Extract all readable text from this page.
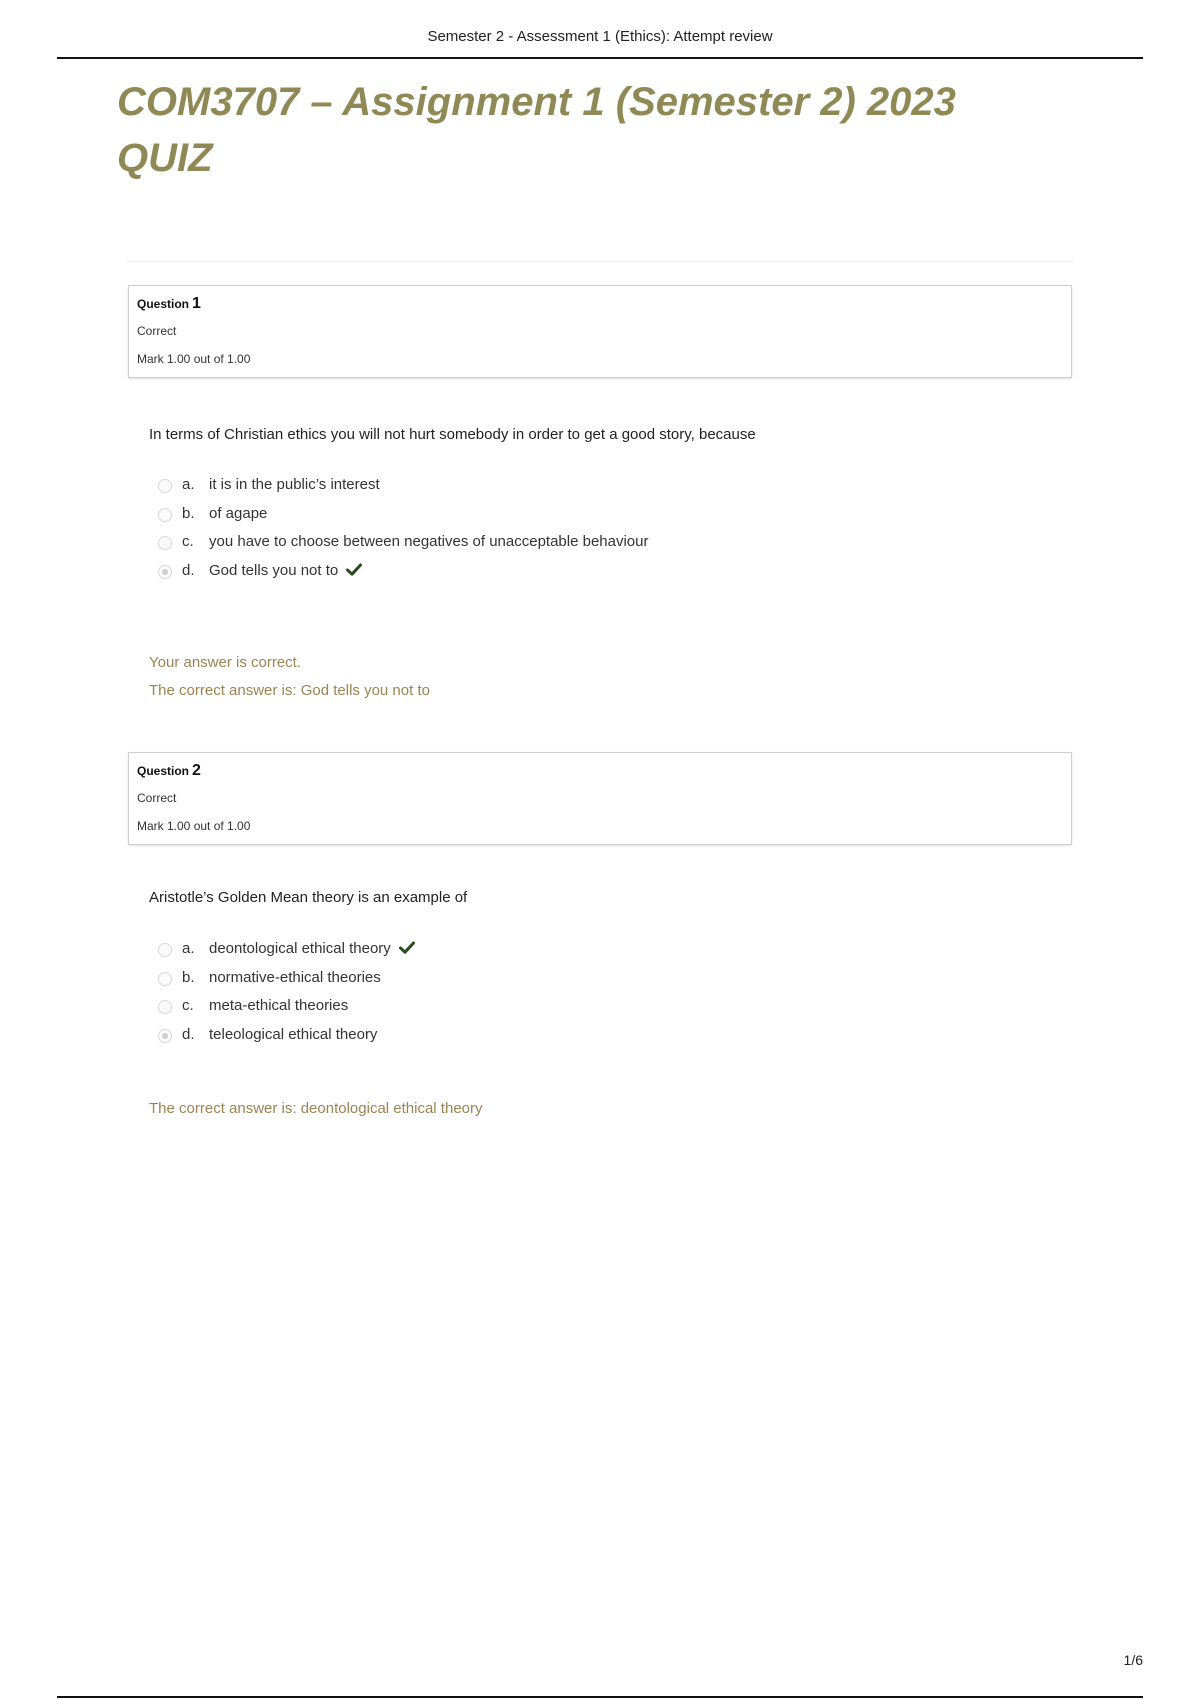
Semester 2 - Assessment 1 (Ethics): Attempt review
COM3707 – Assignment 1 (Semester 2) 2023
QUIZ
Question 1
Correct
Mark 1.00 out of 1.00
In terms of Christian ethics you will not hurt somebody in order to get a good story, because
a. it is in the public’s interest
b. of agape
c. you have to choose between negatives of unacceptable behaviour
d. God tells you not to
Your answer is correct.
The correct answer is: God tells you not to
Question 2
Correct
Mark 1.00 out of 1.00
Aristotle’s Golden Mean theory is an example of
a. deontological ethical theory
b. normative-ethical theories
c. meta-ethical theories
d. teleological ethical theory
The correct answer is: deontological ethical theory
1/6
